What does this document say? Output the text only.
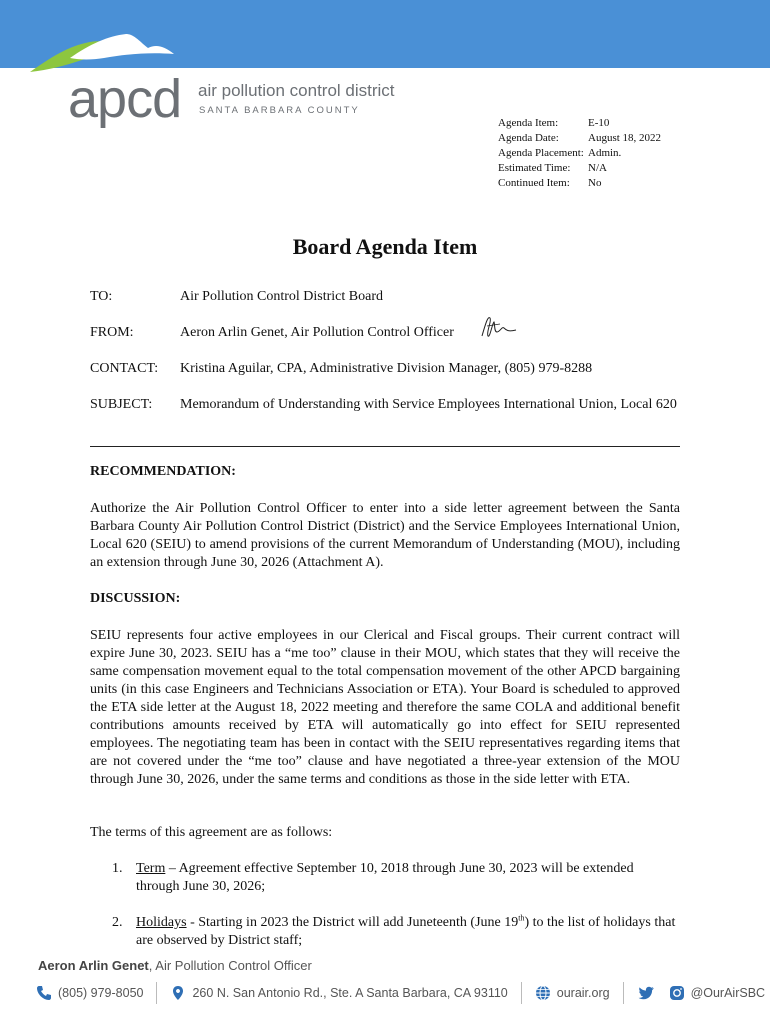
apcd air pollution control district
SANTA BARBARA COUNTY
Agenda Item:	E-10
Agenda Date:	August 18, 2022
Agenda Placement: Admin.
Estimated Time:	N/A
Continued Item:	No
Board Agenda Item
TO:	Air Pollution Control District Board
FROM:	Aeron Arlin Genet, Air Pollution Control Officer
CONTACT: Kristina Aguilar, CPA, Administrative Division Manager, (805) 979-8288
SUBJECT: Memorandum of Understanding with Service Employees International Union, Local 620
RECOMMENDATION:
Authorize the Air Pollution Control Officer to enter into a side letter agreement between the Santa Barbara County Air Pollution Control District (District) and the Service Employees International Union, Local 620 (SEIU) to amend provisions of the current Memorandum of Understanding (MOU), including an extension through June 30, 2026 (Attachment A).
DISCUSSION:
SEIU represents four active employees in our Clerical and Fiscal groups. Their current contract will expire June 30, 2023. SEIU has a “me too” clause in their MOU, which states that they will receive the same compensation movement equal to the total compensation movement of the other APCD bargaining units (in this case Engineers and Technicians Association or ETA). Your Board is scheduled to approved the ETA side letter at the August 18, 2022 meeting and therefore the same COLA and additional benefit contributions amounts received by ETA will automatically go into effect for SEIU represented employees. The negotiating team has been in contact with the SEIU representatives regarding items that are not covered under the “me too” clause and have negotiated a three-year extension of the MOU through June 30, 2026, under the same terms and conditions as those in the side letter with ETA.
The terms of this agreement are as follows:
1. Term – Agreement effective September 10, 2018 through June 30, 2023 will be extended through June 30, 2026;
2. Holidays - Starting in 2023 the District will add Juneteenth (June 19th) to the list of holidays that are observed by District staff;
Aeron Arlin Genet, Air Pollution Control Officer
(805) 979-8050	260 N. San Antonio Rd., Ste. A Santa Barbara, CA 93110	ourair.org	@OurAirSBC
